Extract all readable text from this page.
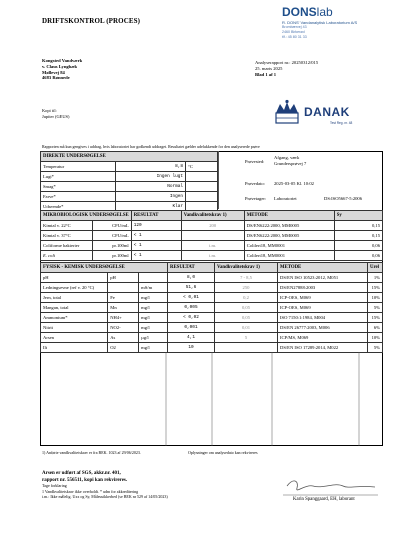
DRIFTSKONTROL (PROCES)
DONSlab
R. DONS' Vandanalytisk Laboratorium A/S
Brombærvej 43
2460 Birkerød
tlf.: 45 80 31 33
Kongsted Vandværk
v. Claus Lyngbæk
Møllevej 84
4683 Rønnede
Analyserapport nr.: 20250312/015
25. marts 2025
Blad 1 af 1
Kopi til:
Jupiter (GEUS)	DANAK
Test Reg. nr. 48
Rapporten må kun gengives i uddrag, hvis laboratoriet har godkendt uddraget. Resultatet gælder udelukkende for den analyserede prøve
DIREKTE UNDERSØGELSE		
Temperatur	8,8	°C
Lugt*	Ingen lugt	
Smag*	Normal	
Farve*	Ingen	
Udseende*	Klar	
Prøvested:
Afgang, værk
Grundersprøvej 7
Prøvedato: 2025-03-05 Kl. 10:02
Prøvetager: Laboratoriet	DS:ISO5667-5:2006
MIKROBIOLOGISK UNDERSØGELSE		RESULTAT	Vandkvalitetskrav 1)	METODE	Sy
Kimtal v. 22°C	CFU/mL	120	200	DS/EN6222:2000, MM0005	0,15
Kimtal v. 37°C	CFU/mL	< 1		DS/EN6222:2000, MM0005	0,15
Coliforme bakterier	pr.100ml	< 1	i.m.	Colilert18, MM0001	0,06
E. coli	pr.100ml	< 1	i.m.	Colilert18, MM0001	0,06
FYSISK - KEMISK UNDERSØGELSE			RESULTAT	Vandkvalitetskrav 1)	METODE	Urel
pH	pH		8,0	7 - 8,5	DS/EN ISO 10523:2012, M051	1%
Ledningsevne (ref v. 20 °C)		mS/m	51,6	250	DS/EN27888:2003	15%
Jern, total	Fe	mg/l	< 0,01	0,2	ICP-OES, M069	10%
Mangan, total	Mn	mg/l	0,005	0,05	ICP-OES, M069	5%
Ammonium*	NH4+	mg/l	< 0,02	0,05	ISO 7150:1:1984, M004	15%
Nitrit	NO2-	mg/l	0,001	0,01	DS/EN 26777:2003, M006	6%
Arsen	As	µg/l	4,1	5	ICP/MS, M069	10%
Ilt	O2	mg/l	10		DS/EN ISO 17289:2014, M022	5%
1) Anførte vandkvalitetskrav er fra BEK. 1023 af 29/06/2023.	Oplysninger om analysedato kan rekvireres
Arsen er udført af SGS, akkr.nr. 401,
rapport nr. 556511, kopi kan rekvireres.
Tage forklaring
1 Vandkvalitetskrav ikke overholdt. * udm for akkreditering
i.m.: Ikke målelig. Uxx og Sy, Måleusikkerhed (se BEK nr 529 af 14/05/2023)
Karin Spanggaard, EH, laborant
